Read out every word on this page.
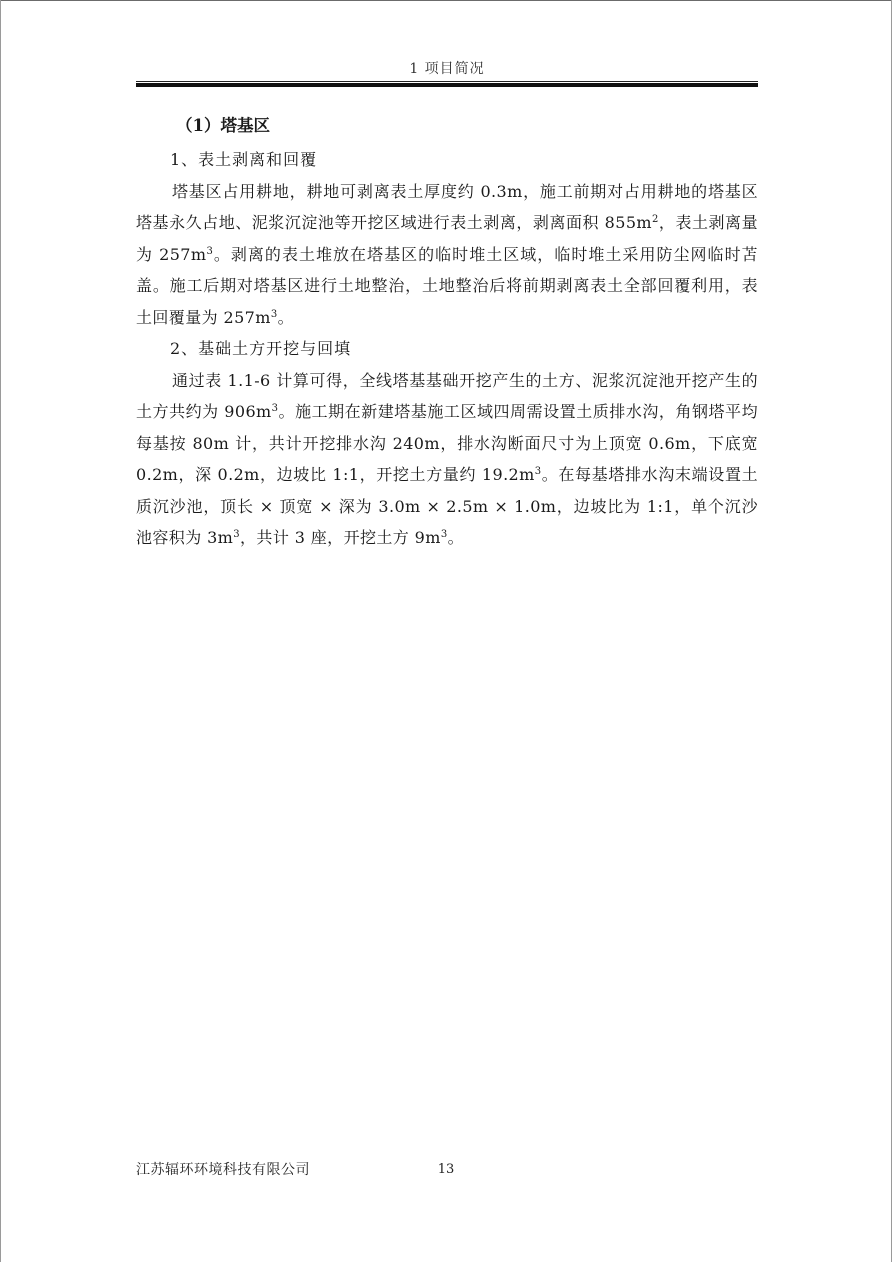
1 项目简况

（1）塔基区

1、表土剥离和回覆

塔基区占用耕地，耕地可剥离表土厚度约 0.3m，施工前期对占用耕地的塔基区塔基永久占地、泥浆沉淀池等开挖区域进行表土剥离，剥离面积 $855m^2$，表土剥离量为 $257m^3$。剥离的表土堆放在塔基区的临时堆土区域，临时堆土采用防尘网临时苫盖。施工后期对塔基区进行土地整治，土地整治后将前期剥离表土全部回覆利用，表土回覆量为 $257m^3$。

2、基础土方开挖与回填

通过表 1.1-6 计算可得，全线塔基基础开挖产生的土方、泥浆沉淀池开挖产生的土方共约为 $906m^3$。施工期在新建塔基施工区域四周需设置土质排水沟，角钢塔平均每基按 80m 计，共计开挖排水沟 240m，排水沟断面尺寸为上顶宽 0.6m，下底宽 0.2m，深 0.2m，边坡比 1:1，开挖土方量约 $19.2m^3$。在每基塔排水沟末端设置土质沉沙池，顶长 × 顶宽 × 深为 3.0m × 2.5m × 1.0m，边坡比为 1:1，单个沉沙池容积为 $3m^3$，共计 3 座，开挖土方 $9m^3$。

江苏辐环环境科技有限公司	13
